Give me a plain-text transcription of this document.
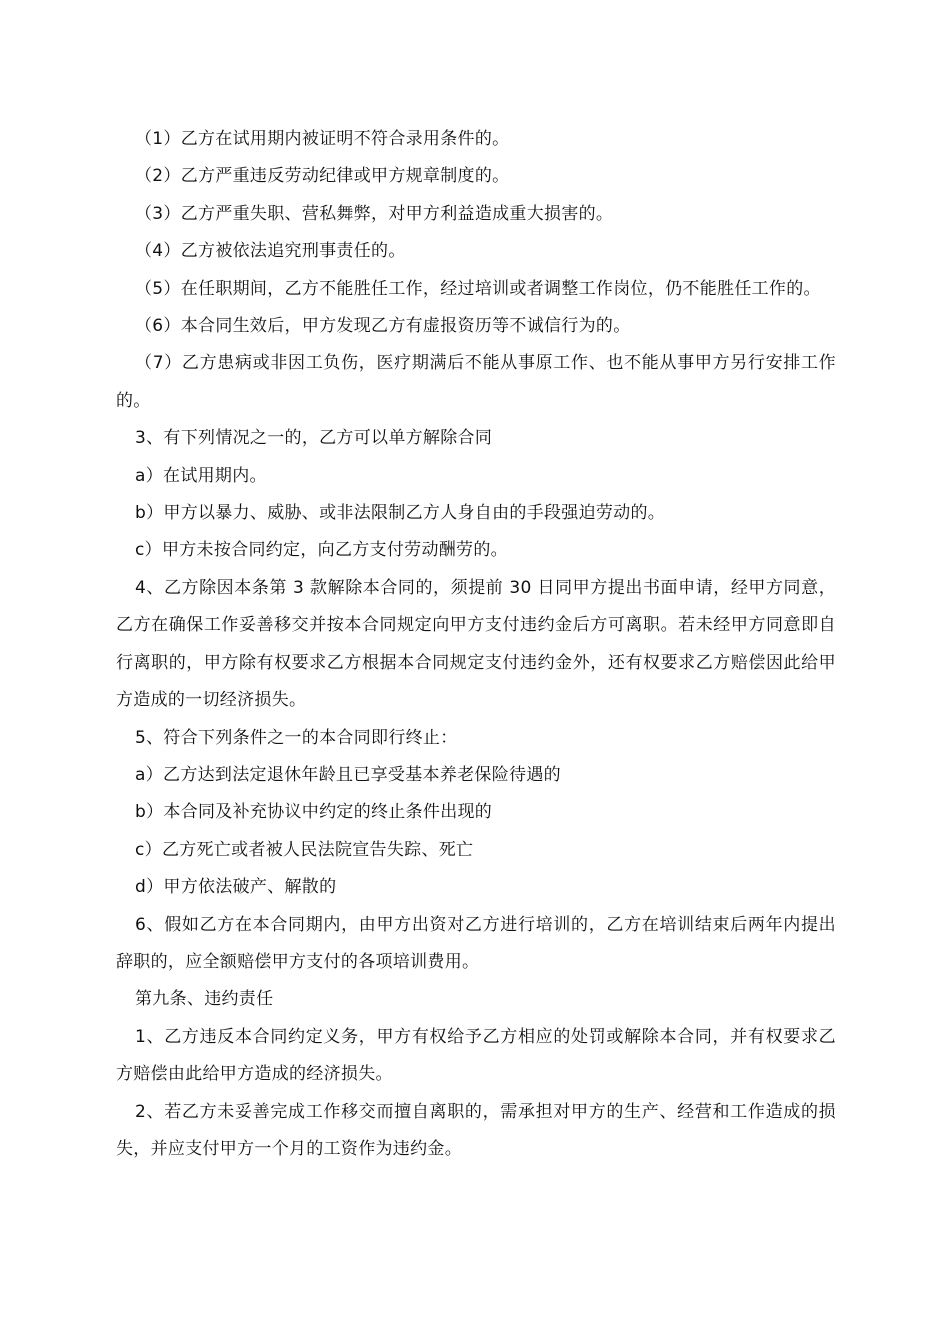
（1）乙方在试用期内被证明不符合录用条件的。

（2）乙方严重违反劳动纪律或甲方规章制度的。

（3）乙方严重失职、营私舞弊，对甲方利益造成重大损害的。

（4）乙方被依法追究刑事责任的。

（5）在任职期间，乙方不能胜任工作，经过培训或者调整工作岗位，仍不能胜任工作的。

（6）本合同生效后，甲方发现乙方有虚报资历等不诚信行为的。

（7）乙方患病或非因工负伤，医疗期满后不能从事原工作、也不能从事甲方另行安排工作的。

3、有下列情况之一的，乙方可以单方解除合同

a）在试用期内。

b）甲方以暴力、威胁、或非法限制乙方人身自由的手段强迫劳动的。

c）甲方未按合同约定，向乙方支付劳动酬劳的。

4、乙方除因本条第 3 款解除本合同的，须提前 30 日同甲方提出书面申请，经甲方同意，乙方在确保工作妥善移交并按本合同规定向甲方支付违约金后方可离职。若未经甲方同意即自行离职的，甲方除有权要求乙方根据本合同规定支付违约金外，还有权要求乙方赔偿因此给甲方造成的一切经济损失。

5、符合下列条件之一的本合同即行终止：

a）乙方达到法定退休年龄且已享受基本养老保险待遇的

b）本合同及补充协议中约定的终止条件出现的

c）乙方死亡或者被人民法院宣告失踪、死亡

d）甲方依法破产、解散的

6、假如乙方在本合同期内，由甲方出资对乙方进行培训的，乙方在培训结束后两年内提出辞职的，应全额赔偿甲方支付的各项培训费用。

第九条、违约责任

1、乙方违反本合同约定义务，甲方有权给予乙方相应的处罚或解除本合同，并有权要求乙方赔偿由此给甲方造成的经济损失。

2、若乙方未妥善完成工作移交而擅自离职的，需承担对甲方的生产、经营和工作造成的损失，并应支付甲方一个月的工资作为违约金。
